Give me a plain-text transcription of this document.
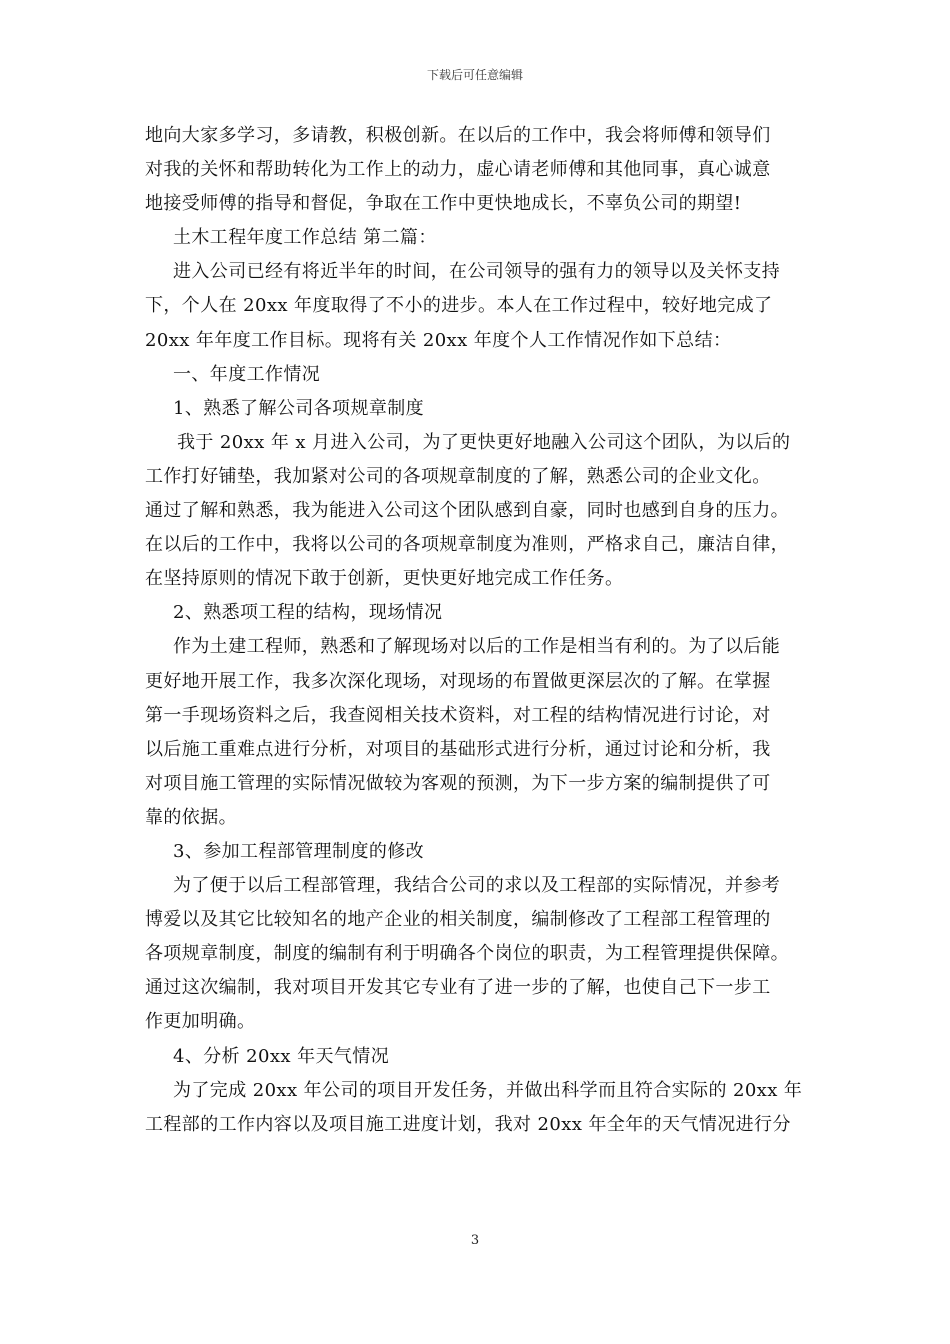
下载后可任意编辑
地向大家多学习，多请教，积极创新。在以后的工作中，我会将师傅和领导们
对我的关怀和帮助转化为工作上的动力，虚心请老师傅和其他同事，真心诚意
地接受师傅的指导和督促，争取在工作中更快地成长，不辜负公司的期望!
土木工程年度工作总结 第二篇：
进入公司已经有将近半年的时间，在公司领导的强有力的领导以及关怀支持
下，个人在 20xx 年度取得了不小的进步。本人在工作过程中，较好地完成了
20xx 年年度工作目标。现将有关 20xx 年度个人工作情况作如下总结：
一、年度工作情况
1、熟悉了解公司各项规章制度
我于 20xx 年 x 月进入公司，为了更快更好地融入公司这个团队，为以后的
工作打好铺垫，我加紧对公司的各项规章制度的了解，熟悉公司的企业文化。
通过了解和熟悉，我为能进入公司这个团队感到自豪，同时也感到自身的压力。
在以后的工作中，我将以公司的各项规章制度为准则，严格求自己，廉洁自律，
在坚持原则的情况下敢于创新，更快更好地完成工作任务。
2、熟悉项工程的结构，现场情况
作为土建工程师，熟悉和了解现场对以后的工作是相当有利的。为了以后能
更好地开展工作，我多次深化现场，对现场的布置做更深层次的了解。在掌握
第一手现场资料之后，我查阅相关技术资料，对工程的结构情况进行讨论，对
以后施工重难点进行分析，对项目的基础形式进行分析，通过讨论和分析，我
对项目施工管理的实际情况做较为客观的预测，为下一步方案的编制提供了可
靠的依据。
3、参加工程部管理制度的修改
为了便于以后工程部管理，我结合公司的求以及工程部的实际情况，并参考
博爱以及其它比较知名的地产企业的相关制度，编制修改了工程部工程管理的
各项规章制度，制度的编制有利于明确各个岗位的职责，为工程管理提供保障。
通过这次编制，我对项目开发其它专业有了进一步的了解，也使自己下一步工
作更加明确。
4、分析 20xx 年天气情况
为了完成 20xx 年公司的项目开发任务，并做出科学而且符合实际的 20xx 年
工程部的工作内容以及项目施工进度计划，我对 20xx 年全年的天气情况进行分
3
